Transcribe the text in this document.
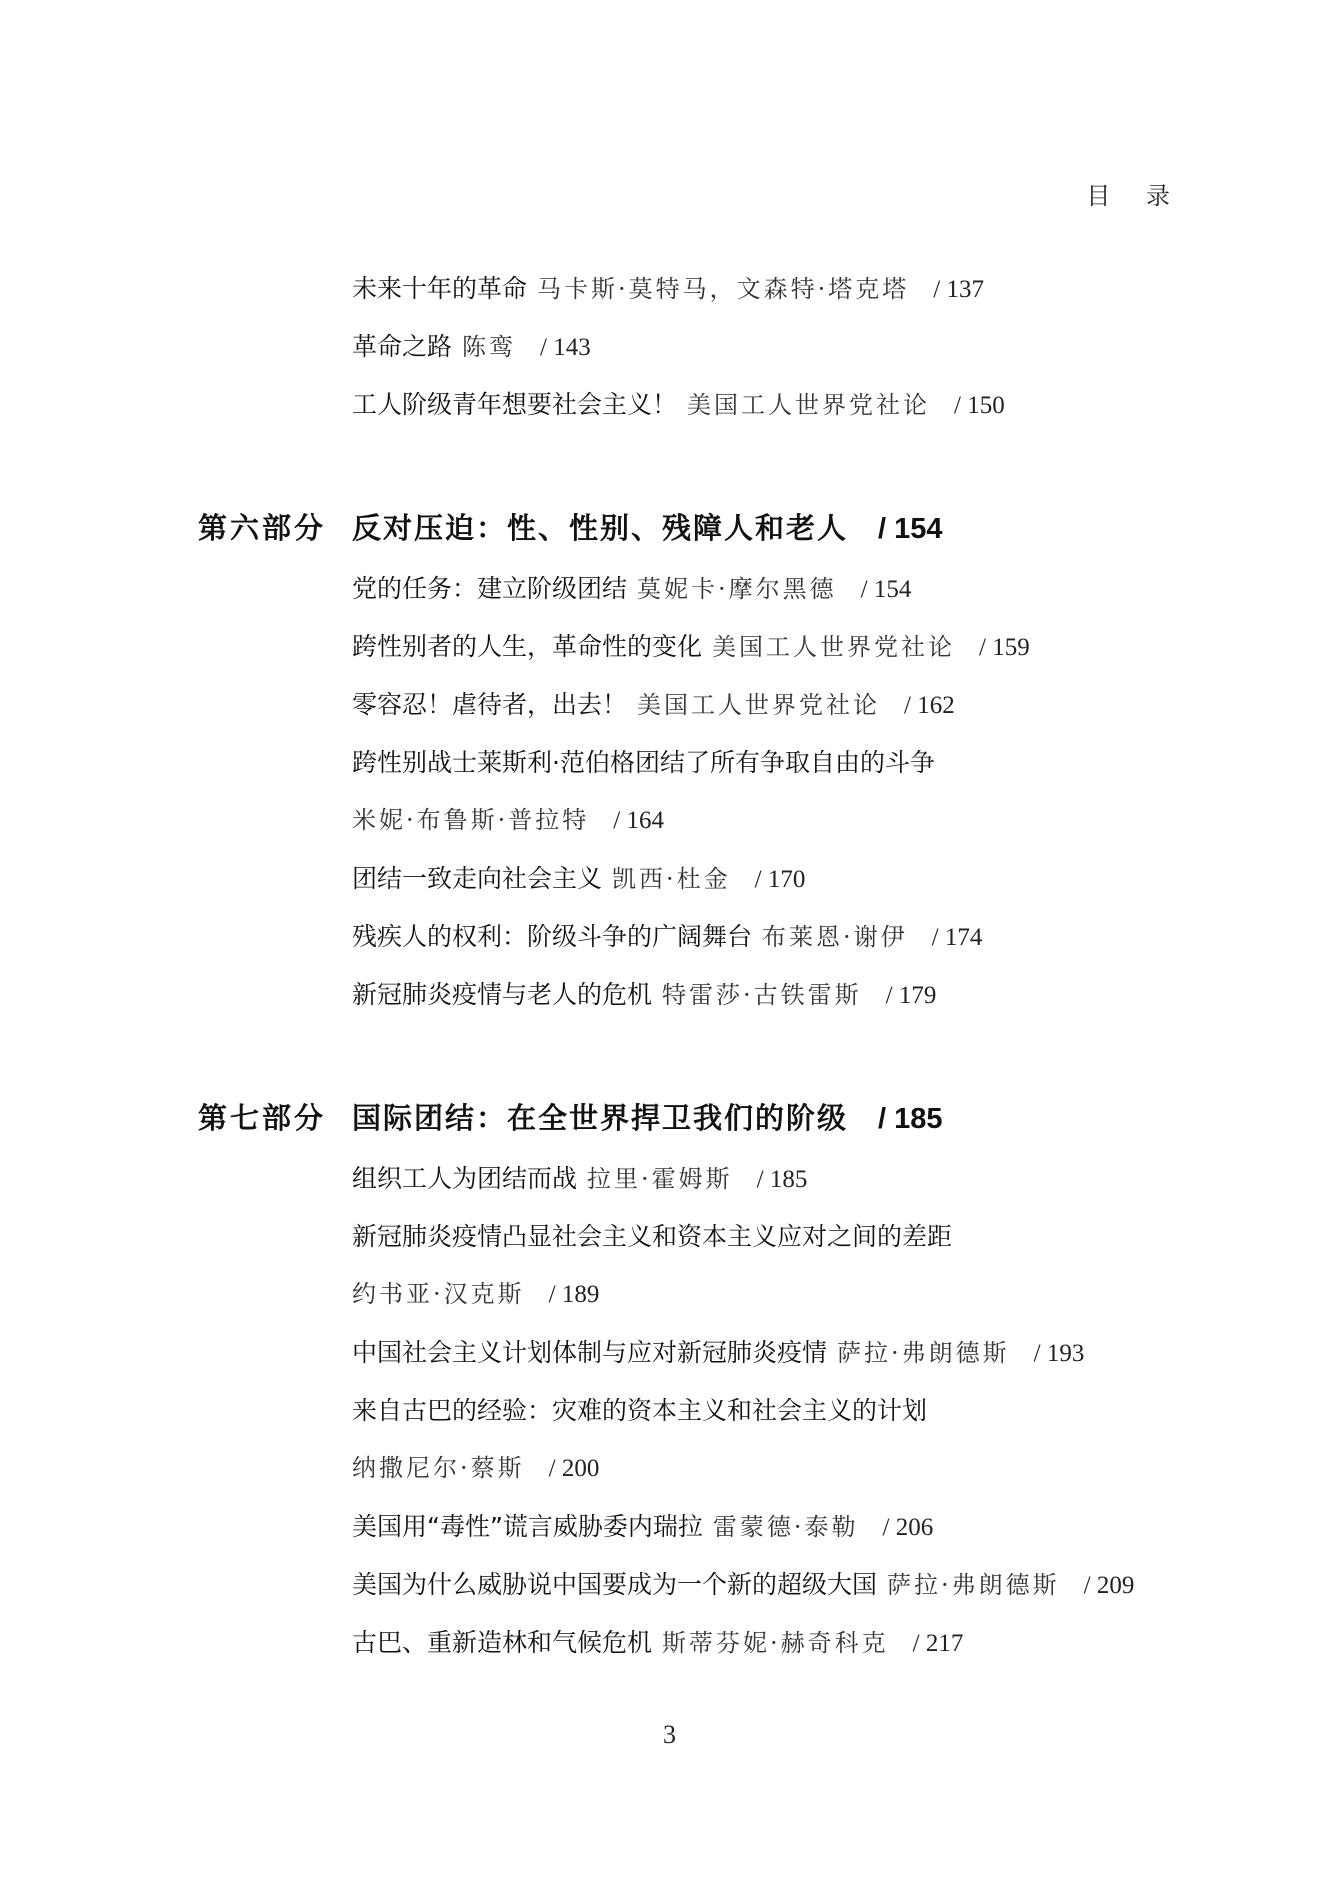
目 录
未来十年的革命 马卡斯·莫特马，文森特·塔克塔 / 137
革命之路 陈鸾 / 143
工人阶级青年想要社会主义！ 美国工人世界党社论 / 150
第六部分 反对压迫：性、性别、残障人和老人 / 154
党的任务：建立阶级团结 莫妮卡·摩尔黑德 / 154
跨性别者的人生，革命性的变化 美国工人世界党社论 / 159
零容忍！虐待者，出去！ 美国工人世界党社论 / 162
跨性别战士莱斯利·范伯格团结了所有争取自由的斗争
米妮·布鲁斯·普拉特 / 164
团结一致走向社会主义 凯西·杜金 / 170
残疾人的权利：阶级斗争的广阔舞台 布莱恩·谢伊 / 174
新冠肺炎疫情与老人的危机 特雷莎·古铁雷斯 / 179
第七部分 国际团结：在全世界捍卫我们的阶级 / 185
组织工人为团结而战 拉里·霍姆斯 / 185
新冠肺炎疫情凸显社会主义和资本主义应对之间的差距
约书亚·汉克斯 / 189
中国社会主义计划体制与应对新冠肺炎疫情 萨拉·弗朗德斯 / 193
来自古巴的经验：灾难的资本主义和社会主义的计划
纳撒尼尔·蔡斯 / 200
美国用“毒性”谎言威胁委内瑞拉 雷蒙德·泰勒 / 206
美国为什么威胁说中国要成为一个新的超级大国 萨拉·弗朗德斯 / 209
古巴、重新造林和气候危机 斯蒂芬妮·赫奇科克 / 217
3
